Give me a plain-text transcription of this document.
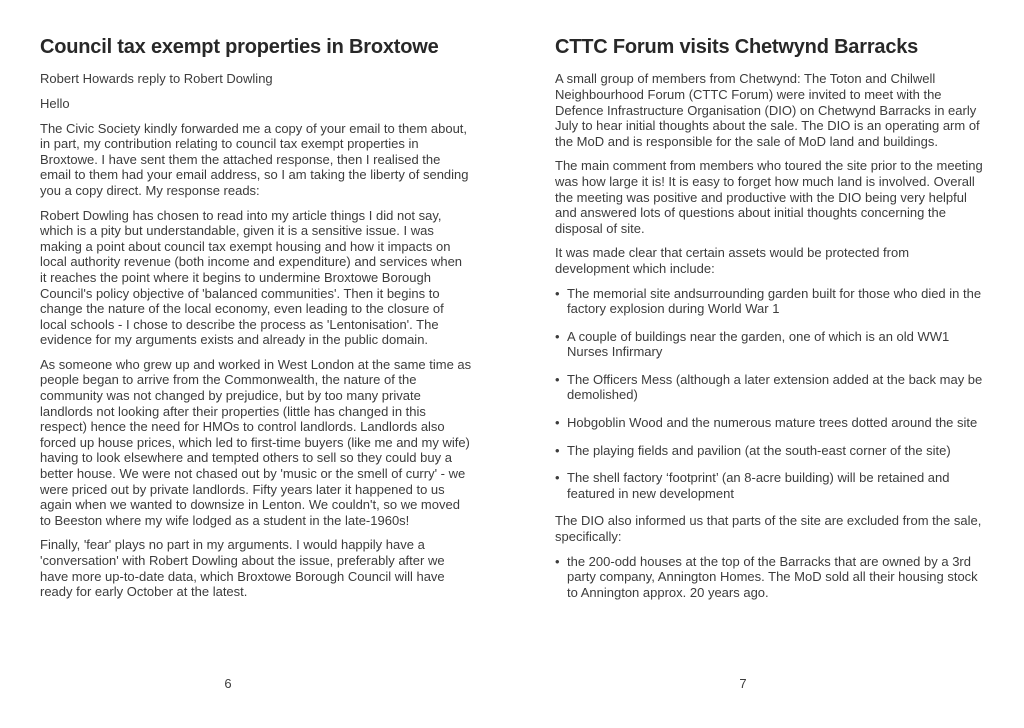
Council tax exempt properties in Broxtowe
Robert Howards reply to Robert Dowling
Hello
The Civic Society kindly forwarded me a copy of your email to them about, in part, my contribution relating to council tax exempt properties in Broxtowe. I have sent them the attached response, then I realised the email to them had your email address, so I am taking the liberty of sending you a copy direct. My response reads:
Robert Dowling has chosen to read into my article things I did not say, which is a pity but understandable, given it is a sensitive issue. I was making a point about council tax exempt housing and how it impacts on local authority revenue (both income and expenditure) and services when it reaches the point where it begins to undermine Broxtowe Borough Council's policy objective of 'balanced communities'. Then it begins to change the nature of the local economy, even leading to the closure of local schools - I chose to describe the process as 'Lentonisation'. The evidence for my arguments exists and already in the public domain.
As someone who grew up and worked in West London at the same time as people began to arrive from the Commonwealth, the nature of the community was not changed by prejudice, but by too many private landlords not looking after their properties (little has changed in this respect) hence the need for HMOs to control landlords. Landlords also forced up house prices, which led to first-time buyers (like me and my wife) having to look elsewhere and tempted others to sell so they could buy a better house. We were not chased out by 'music or the smell of curry' - we were priced out by private landlords. Fifty years later it happened to us again when we wanted to downsize in Lenton. We couldn't, so we moved to Beeston where my wife lodged as a student in the late-1960s!
Finally, 'fear' plays no part in my arguments. I would happily have a 'conversation' with Robert Dowling about the issue, preferably after we have more up-to-date data, which Broxtowe Borough Council will have ready for early October at the latest.
6
CTTC Forum visits Chetwynd Barracks
A small group of members from Chetwynd: The Toton and Chilwell Neighbourhood Forum (CTTC Forum) were invited to meet with the Defence Infrastructure Organisation (DIO) on Chetwynd Barracks in early July to hear initial thoughts about the sale. The DIO is an operating arm of the MoD and is responsible for the sale of MoD land and buildings.
The main comment from members who toured the site prior to the meeting was how large it is! It is easy to forget how much land is involved. Overall the meeting was positive and productive with the DIO being very helpful and answered lots of questions about initial thoughts concerning the disposal of site.
It was made clear that certain assets would be protected from development which include:
• The memorial site andsurrounding garden built for those who died in the factory explosion during World War 1
• A couple of buildings near the garden, one of which is an old WW1 Nurses Infirmary
• The Officers Mess (although a later extension added at the back may be demolished)
• Hobgoblin Wood and the numerous mature trees dotted around the site
• The playing fields and pavilion (at the south-east corner of the site)
• The shell factory ‘footprint’ (an 8-acre building) will be retained and featured in new development
The DIO also informed us that parts of the site are excluded from the sale, specifically:
• the 200-odd houses at the top of the Barracks that are owned by a 3rd party company, Annington Homes. The MoD sold all their housing stock to Annington approx. 20 years ago.
7
